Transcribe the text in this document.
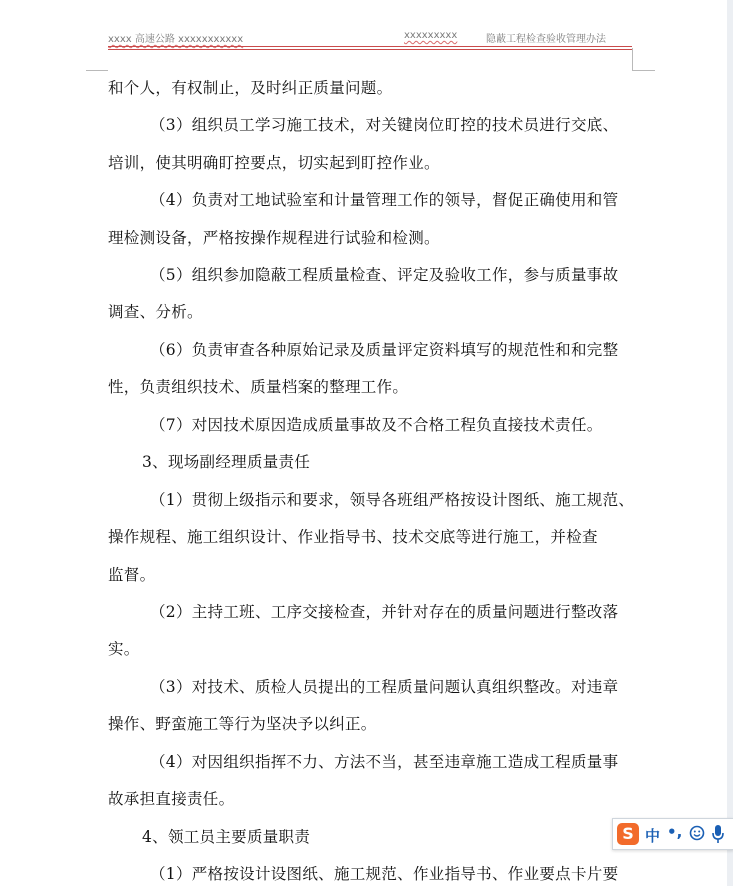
xxxx 高速公路 xxxxxxxxxxx	xxxxxxxxx	隐蔽工程检查验收管理办法
和个人，有权制止，及时纠正质量问题。
（3）组织员工学习施工技术，对关键岗位盯控的技术员进行交底、
培训，使其明确盯控要点，切实起到盯控作业。
（4）负责对工地试验室和计量管理工作的领导，督促正确使用和管
理检测设备，严格按操作规程进行试验和检测。
（5）组织参加隐蔽工程质量检查、评定及验收工作，参与质量事故
调查、分析。
（6）负责审查各种原始记录及质量评定资料填写的规范性和和完整
性，负责组织技术、质量档案的整理工作。
（7）对因技术原因造成质量事故及不合格工程负直接技术责任。
3、现场副经理质量责任
（1）贯彻上级指示和要求，领导各班组严格按设计图纸、施工规范、
操作规程、施工组织设计、作业指导书、技术交底等进行施工，并检查
监督。
（2）主持工班、工序交接检查，并针对存在的质量问题进行整改落
实。
（3）对技术、质检人员提出的工程质量问题认真组织整改。对违章
操作、野蛮施工等行为坚决予以纠正。
（4）对因组织指挥不力、方法不当，甚至违章施工造成工程质量事
故承担直接责任。
4、领工员主要质量职责
（1）严格按设计设图纸、施工规范、作业指导书、作业要点卡片要
S 中 •,
